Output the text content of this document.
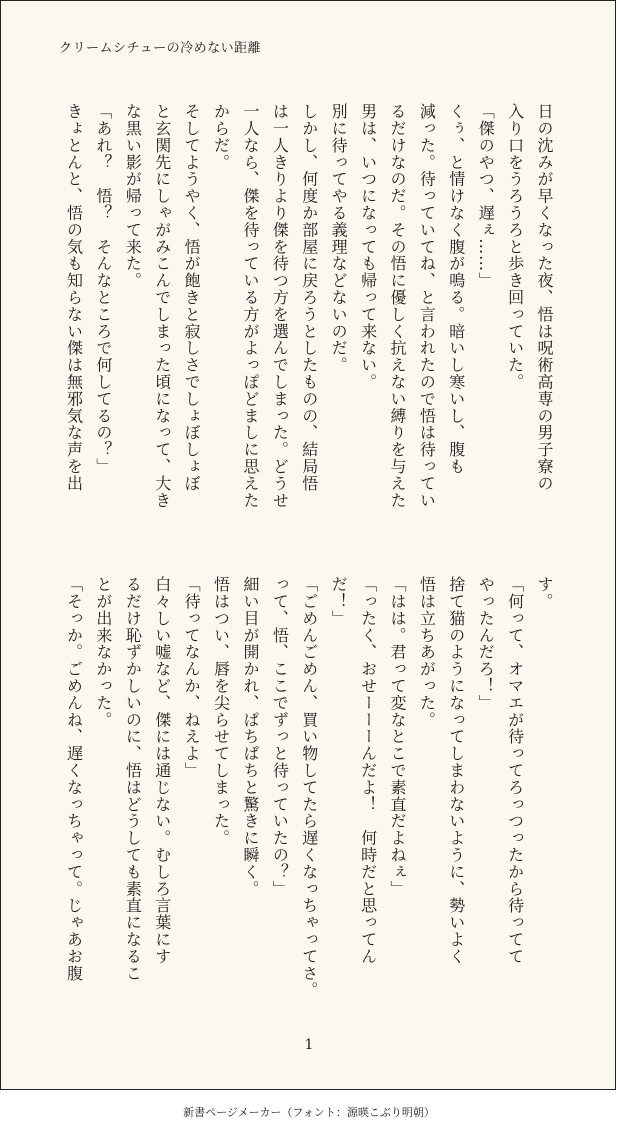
クリームシチューの冷めない距離
日の沈みが早くなった夜、悟は呪術高専の男子寮の
入り口をうろうろと歩き回っていた。
「傑のやつ、遅ぇ……」
くぅ、と情けなく腹が鳴る。暗いし寒いし、腹も
減った。待っていてね、と言われたので悟は待ってい
るだけなのだ。その悟に優しく抗えない縛りを与えた
男は、いつになっても帰って来ない。
別に待ってやる義理などないのだ。
しかし、何度か部屋に戻ろうとしたものの、結局悟
は一人きりより傑を待つ方を選んでしまった。どうせ
一人なら、傑を待っている方がよっぽどましに思えた
からだ。
そしてようやく、悟が飽きと寂しさでしょぼしょぼ
と玄関先にしゃがみこんでしまった頃になって、大き
な黒い影が帰って来た。
「あれ？　悟？　そんなところで何してるの？」
きょとんと、悟の気も知らない傑は無邪気な声を出
す。
「何って、オマエが待ってろっつったから待ってて
やったんだろ！」
捨て猫のようになってしまわないように、勢いよく
悟は立ちあがった。
「はは。君って変なとこで素直だよねぇ」
「ったく、おせーーーんだよ！　何時だと思ってん
だ！」
「ごめんごめん、買い物してたら遅くなっちゃってさ。
って、悟、ここでずっと待っていたの？」
細い目が開かれ、ぱちぱちと驚きに瞬く。
悟はつい、唇を尖らせてしまった。
「待ってなんか、ねえよ」
白々しい嘘など、傑には通じない。むしろ言葉にす
るだけ恥ずかしいのに、悟はどうしても素直になるこ
とが出来なかった。
「そっか。ごめんね、遅くなっちゃって。じゃあお腹
1
新書ページメーカー（フォント：源暎こぶり明朝）
